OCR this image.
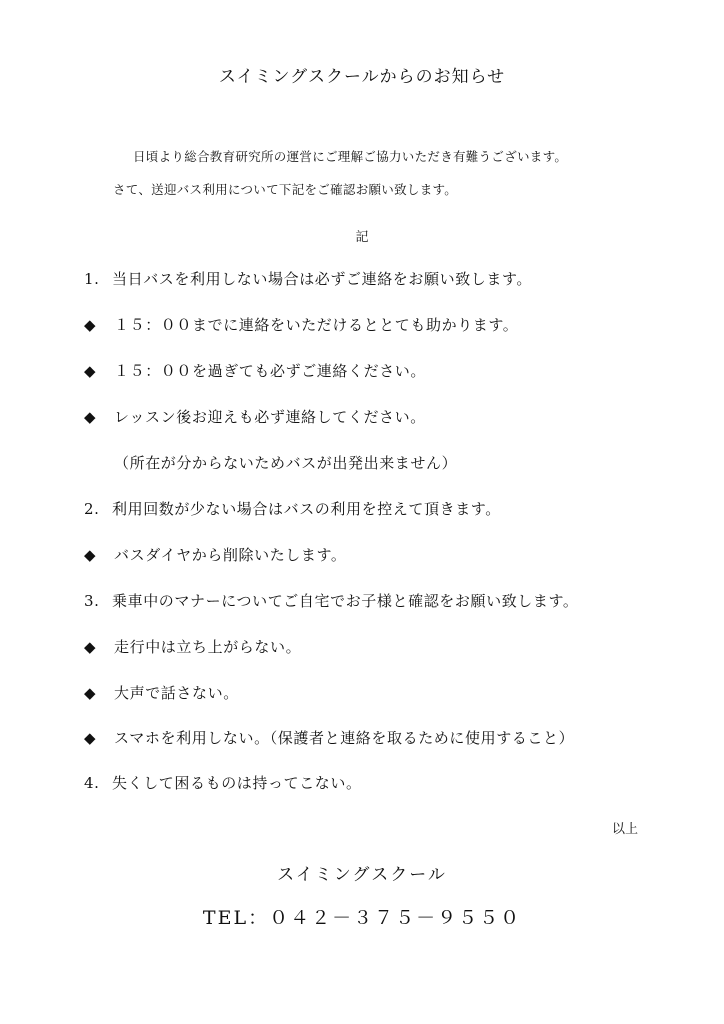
スイミングスクールからのお知らせ
日頃より総合教育研究所の運営にご理解ご協力いただき有難うございます。
さて、送迎バス利用について下記をご確認お願い致します。
記
1. 当日バスを利用しない場合は必ずご連絡をお願い致します。
◆ １５：００までに連絡をいただけるととても助かります。
◆ １５：００を過ぎても必ずご連絡ください。
◆ レッスン後お迎えも必ず連絡してください。
（所在が分からないためバスが出発出来ません）
2. 利用回数が少ない場合はバスの利用を控えて頂きます。
◆ バスダイヤから削除いたします。
3. 乗車中のマナーについてご自宅でお子様と確認をお願い致します。
◆ 走行中は立ち上がらない。
◆ 大声で話さない。
◆ スマホを利用しない。（保護者と連絡を取るために使用すること）
4. 失くして困るものは持ってこない。
以上
スイミングスクール
TEL：０４２－３７５－９５５０
